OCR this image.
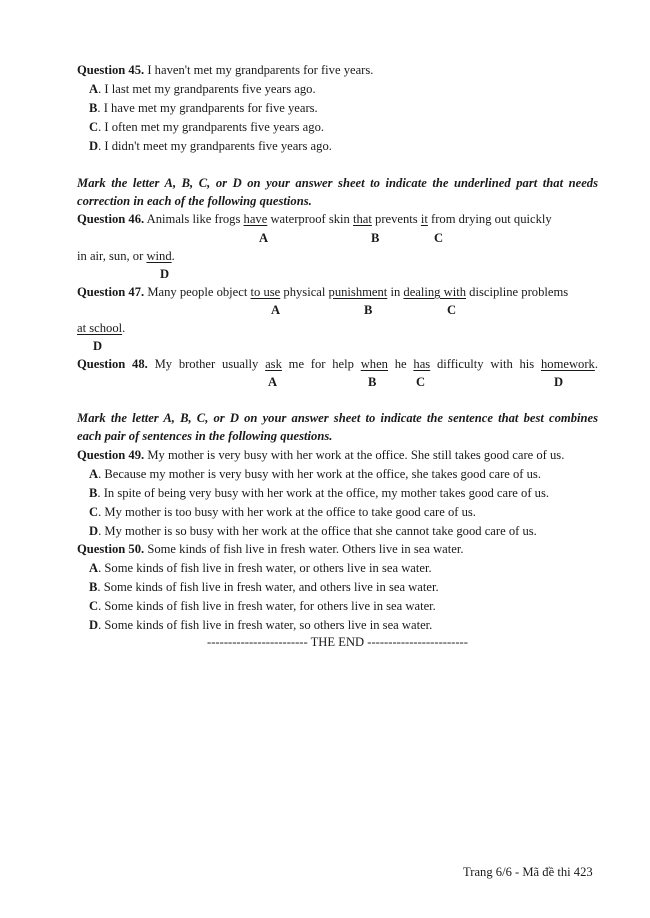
Question 45. I haven't met my grandparents for five years.
A. I last met my grandparents five years ago.
B. I have met my grandparents for five years.
C. I often met my grandparents five years ago.
D. I didn't meet my grandparents five years ago.
Mark the letter A, B, C, or D on your answer sheet to indicate the underlined part that needs
correction in each of the following questions.
Question 46. Animals like frogs have waterproof skin that prevents it from drying out quickly
A	B	C
in air, sun, or wind.
D
Question 47. Many people object to use physical punishment in dealing with discipline problems
A	B	C
at school.
D
Question 48. My brother usually ask me for help when he has difficulty with his homework.
A	B	C	D
Mark the letter A, B, C, or D on your answer sheet to indicate the sentence that best combines
each pair of sentences in the following questions.
Question 49. My mother is very busy with her work at the office. She still takes good care of us.
A. Because my mother is very busy with her work at the office, she takes good care of us.
B. In spite of being very busy with her work at the office, my mother takes good care of us.
C. My mother is too busy with her work at the office to take good care of us.
D. My mother is so busy with her work at the office that she cannot take good care of us.
Question 50. Some kinds of fish live in fresh water. Others live in sea water.
A. Some kinds of fish live in fresh water, or others live in sea water.
B. Some kinds of fish live in fresh water, and others live in sea water.
C. Some kinds of fish live in fresh water, for others live in sea water.
D. Some kinds of fish live in fresh water, so others live in sea water.
------------------------ THE END ------------------------
Trang 6/6 - Mã đề thi 423
